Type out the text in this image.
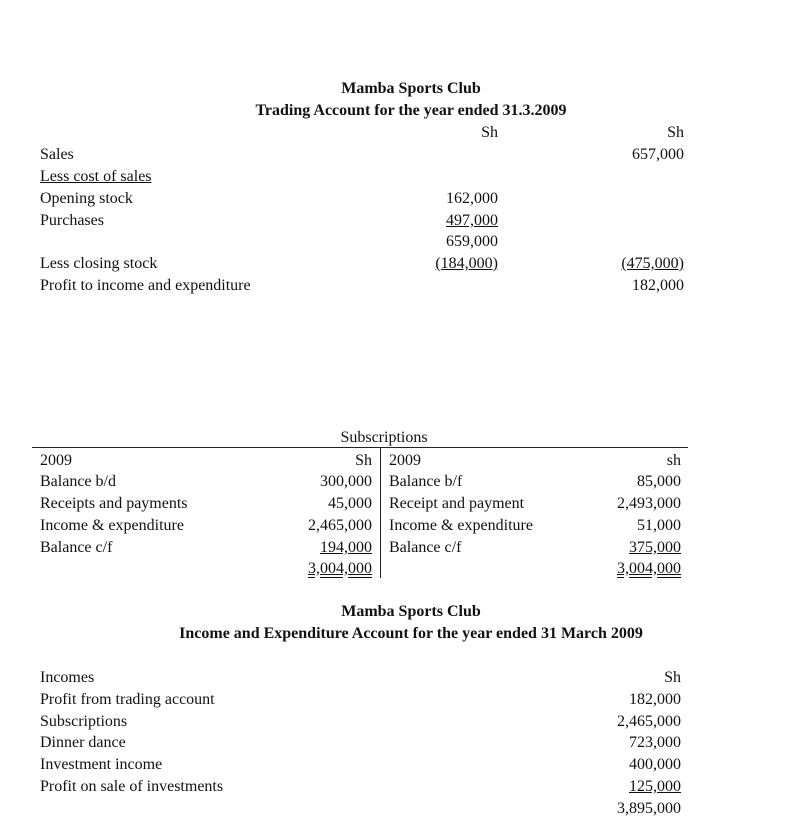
Mamba Sports Club
Trading Account for the year ended 31.3.2009
Sh	Sh
Sales	657,000
Less cost of sales
Opening stock	162,000
Purchases	497,000
659,000
Less closing stock	(184,000)	(475,000)
Profit to income and expenditure	182,000
Subscriptions
2009	Sh 2009	sh
Balance b/d	300,000 Balance b/f	85,000
Receipts and payments	45,000 Receipt and payment	2,493,000
Income & expenditure	2,465,000 Income & expenditure	51,000
Balance c/f	194,000 Balance c/f	375,000
3,004,000	3,004,000
Mamba Sports Club
Income and Expenditure Account for the year ended 31 March 2009
Incomes	Sh
Profit from trading account	182,000
Subscriptions	2,465,000
Dinner dance	723,000
Investment income	400,000
Profit on sale of investments	125,000
3,895,000
